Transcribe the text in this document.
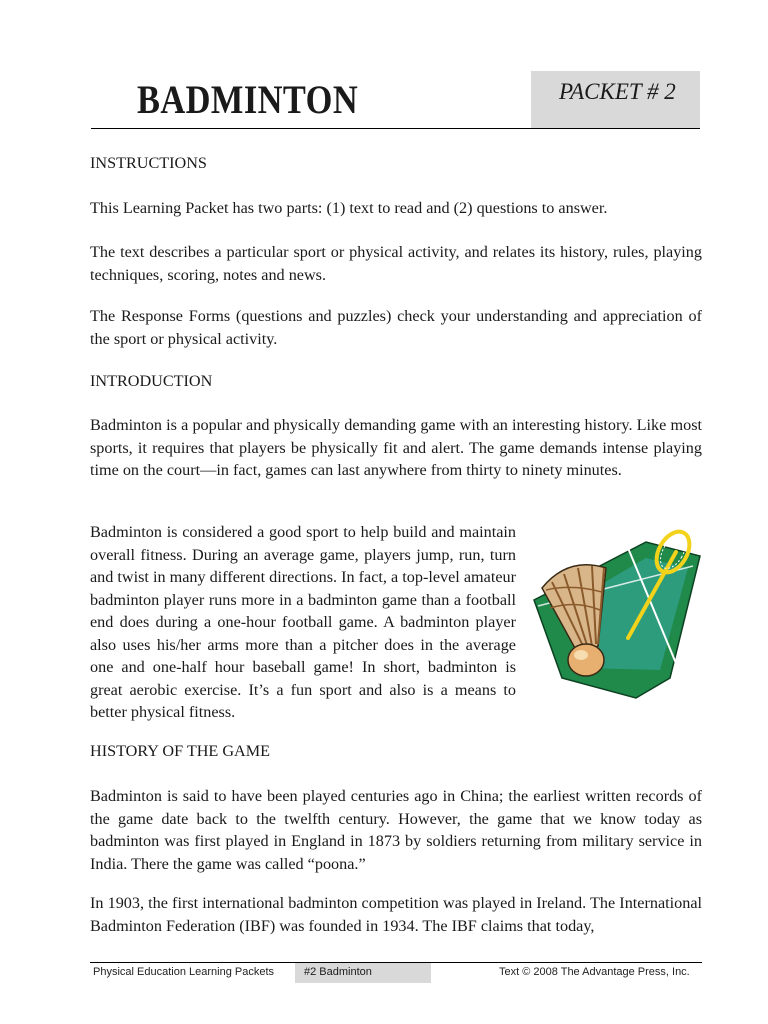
BADMINTON	PACKET # 2

INSTRUCTIONS

This Learning Packet has two parts: (1) text to read and (2) questions to answer.

The text describes a particular sport or physical activity, and relates its history, rules, playing techniques, scoring, notes and news.

The Response Forms (questions and puzzles) check your understanding and appreciation of the sport or physical activity.

INTRODUCTION

Badminton is a popular and physically demanding game with an interesting history. Like most sports, it requires that players be physically fit and alert. The game demands intense playing time on the court—in fact, games can last anywhere from thirty to ninety minutes.

Badminton is considered a good sport to help build and maintain overall fitness. During an average game, players jump, run, turn and twist in many different directions. In fact, a top-level amateur badminton player runs more in a badminton game than a football end does during a one-hour football game. A badminton player also uses his/her arms more than a pitcher does in the average one and one-half hour baseball game! In short, badminton is great aerobic exercise. It’s a fun sport and also is a means to better physical fitness.

HISTORY OF THE GAME

Badminton is said to have been played centuries ago in China; the earliest written records of the game date back to the twelfth century. However, the game that we know today as badminton was first played in England in 1873 by soldiers returning from military service in India. There the game was called “poona.”

In 1903, the first international badminton competition was played in Ireland. The International Badminton Federation (IBF) was founded in 1934. The IBF claims that today,

Physical Education Learning Packets	#2 Badminton	Text © 2008 The Advantage Press, Inc.
